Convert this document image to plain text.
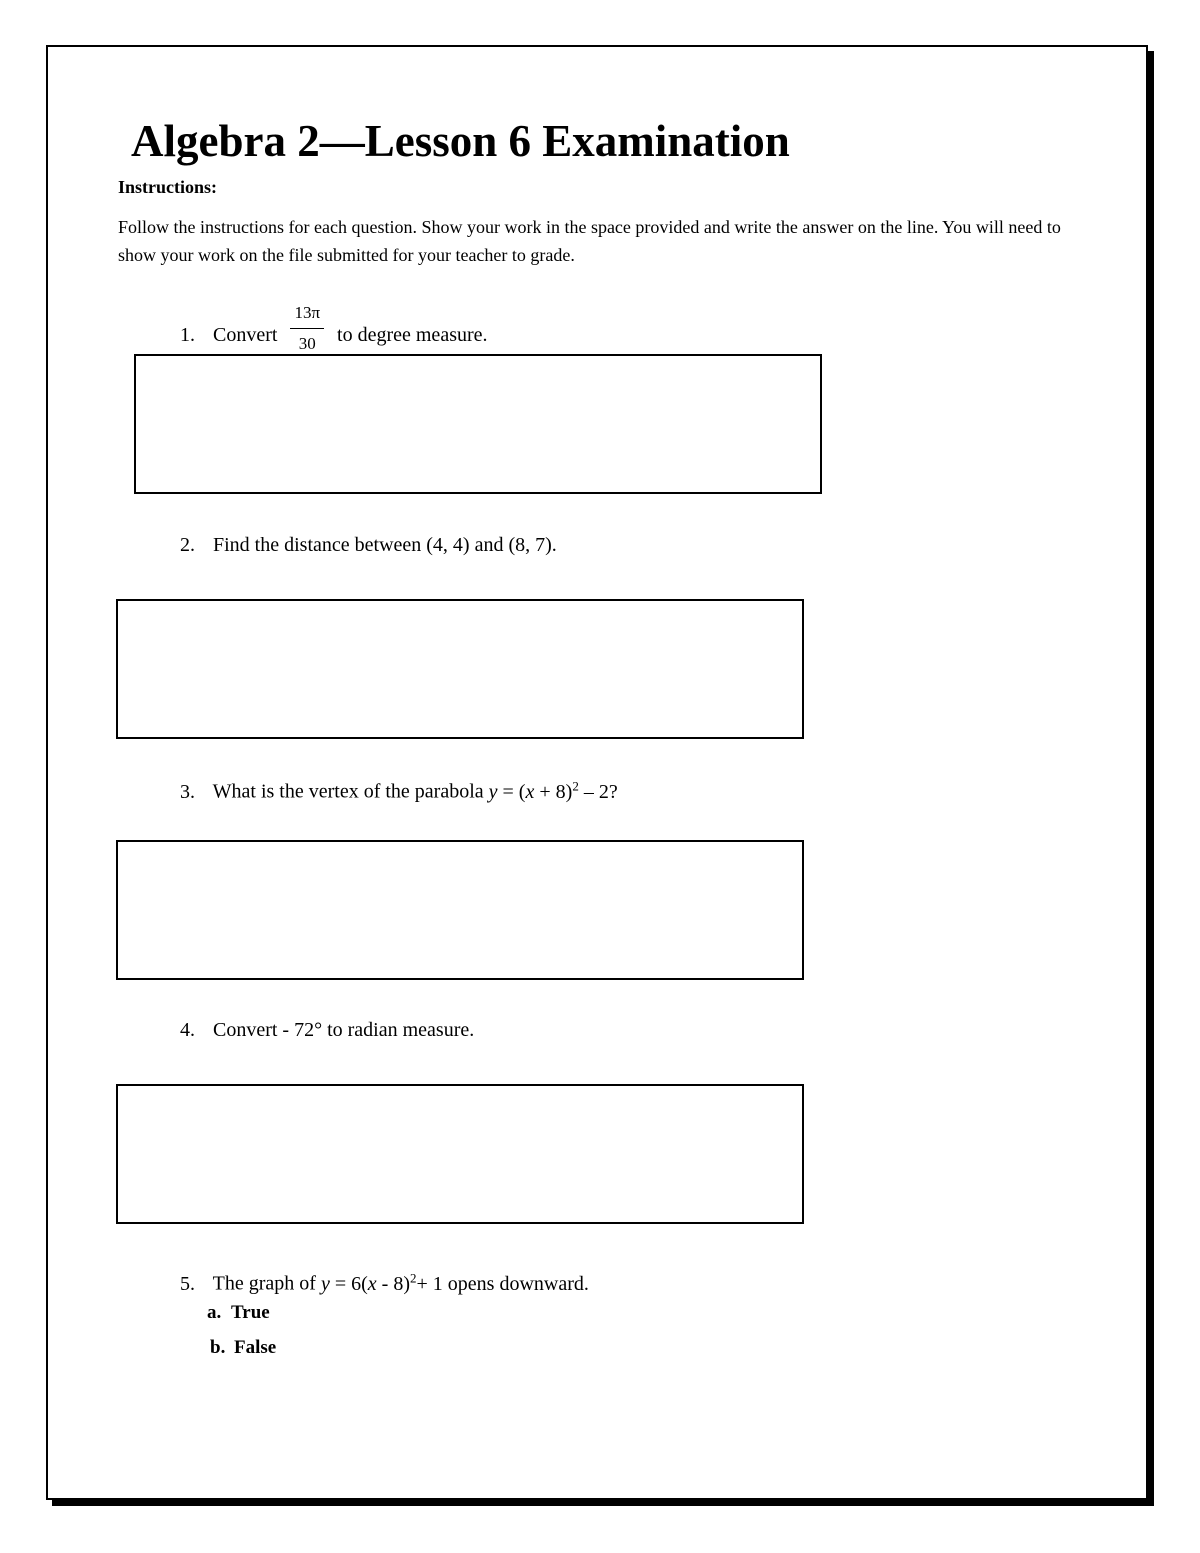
Algebra 2—Lesson 6 Examination
Instructions:
Follow the instructions for each question. Show your work in the space provided and write the answer on the line. You will need to show your work on the file submitted for your teacher to grade.
1. Convert $\frac{13\pi}{30}$ to degree measure.
2. Find the distance between (4, 4) and (8, 7).
3. What is the vertex of the parabola $y = (x + 8)^2 - 2$?
4. Convert - 72° to radian measure.
5. The graph of y = 6(x - 8)$^2$+ 1 opens downward.
a. True
b. False
